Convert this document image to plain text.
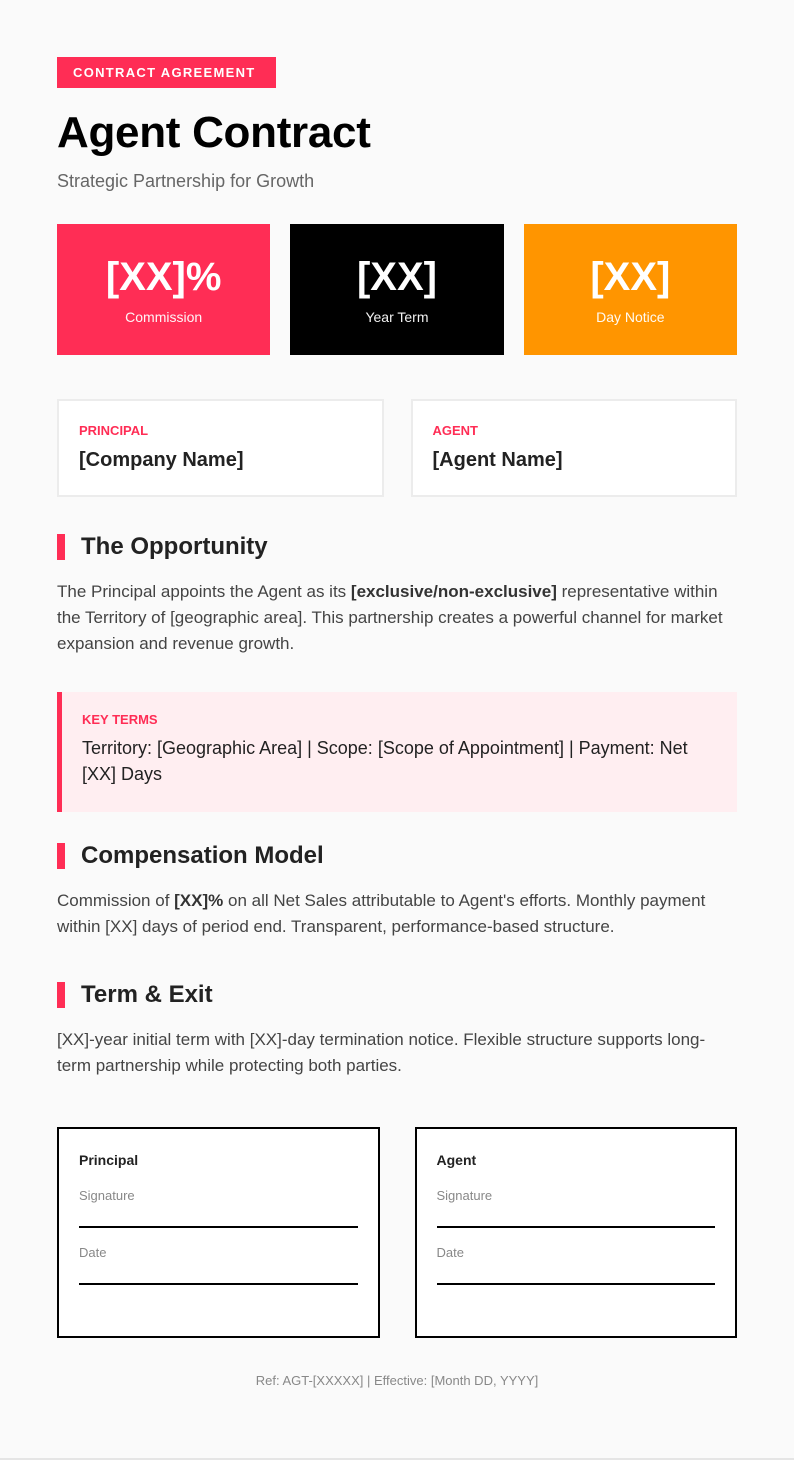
CONTRACT AGREEMENT
Agent Contract
Strategic Partnership for Growth
[XX]%
Commission
[XX]
Year Term
[XX]
Day Notice
PRINCIPAL
[Company Name]
AGENT
[Agent Name]
The Opportunity

The Principal appoints the Agent as its [exclusive/non-exclusive] representative within the Territory of [geographic area]. This partnership creates a powerful channel for market expansion and revenue growth.

KEY TERMS
Territory: [Geographic Area] | Scope: [Scope of Appointment] | Payment: Net [XX] Days
Compensation Model

Commission of [XX]% on all Net Sales attributable to Agent's efforts. Monthly payment within [XX] days of period end. Transparent, performance-based structure.

Term & Exit

[XX]-year initial term with [XX]-day termination notice. Flexible structure supports long-term partnership while protecting both parties.

Principal
Signature
Date
Agent
Signature
Date
Ref: AGT-[XXXXX] | Effective: [Month DD, YYYY]
